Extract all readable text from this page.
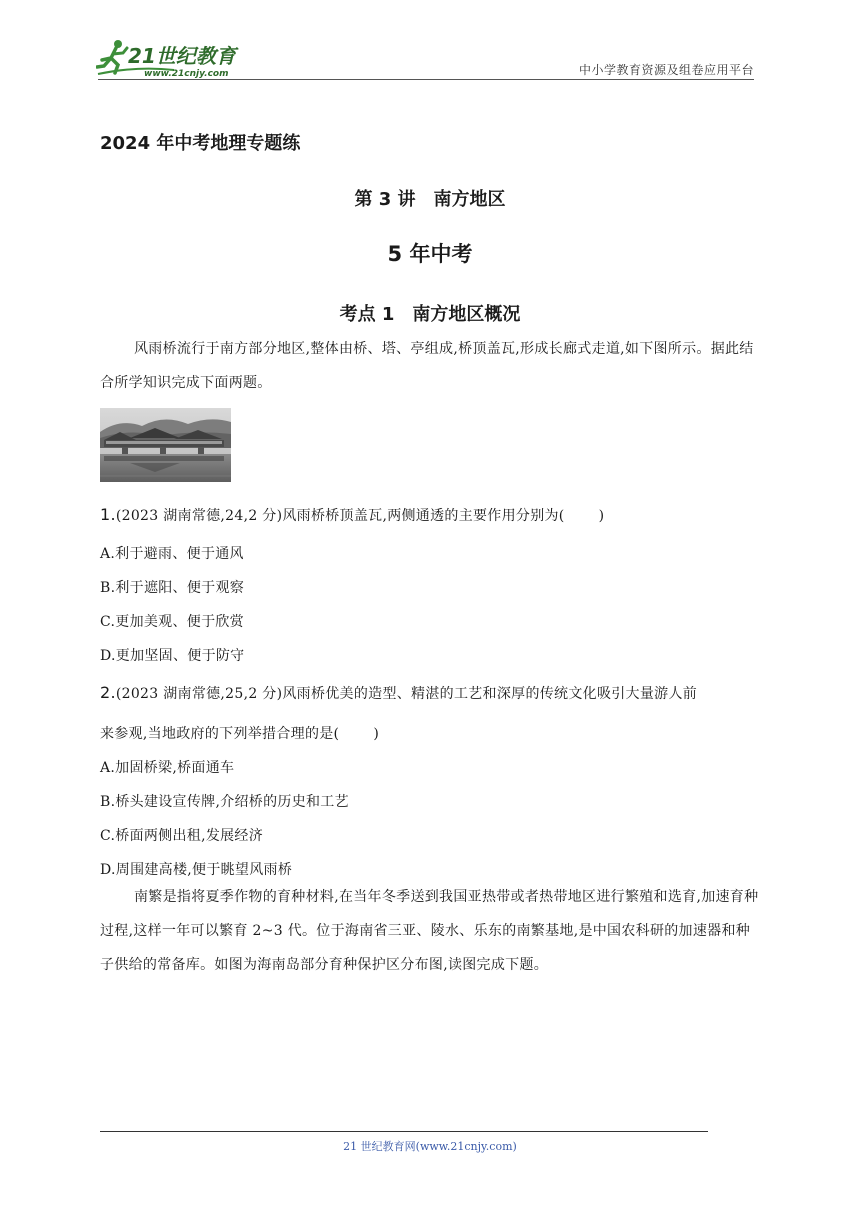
21世纪教育
www.21cnjy.com	中小学教育资源及组卷应用平台
2024 年中考地理专题练
第 3 讲 南方地区
5 年中考
考点 1 南方地区概况
风雨桥流行于南方部分地区,整体由桥、塔、亭组成,桥顶盖瓦,形成长廊式走道,如下图所示。据此结合所学知识完成下面两题。
1.(2023 湖南常德,24,2 分)风雨桥桥顶盖瓦,两侧通透的主要作用分别为( )
A.利于避雨、便于通风
B.利于遮阳、便于观察
C.更加美观、便于欣赏
D.更加坚固、便于防守
2.(2023 湖南常德,25,2 分)风雨桥优美的造型、精湛的工艺和深厚的传统文化吸引大量游人前
来参观,当地政府的下列举措合理的是( )
A.加固桥梁,桥面通车
B.桥头建设宣传牌,介绍桥的历史和工艺
C.桥面两侧出租,发展经济
D.周围建高楼,便于眺望风雨桥
南繁是指将夏季作物的育种材料,在当年冬季送到我国亚热带或者热带地区进行繁殖和选育,加速育种过程,这样一年可以繁育 2~3 代。位于海南省三亚、陵水、乐东的南繁基地,是中国农科研的加速器和种子供给的常备库。如图为海南岛部分育种保护区分布图,读图完成下题。
21 世纪教育网(www.21cnjy.com)
